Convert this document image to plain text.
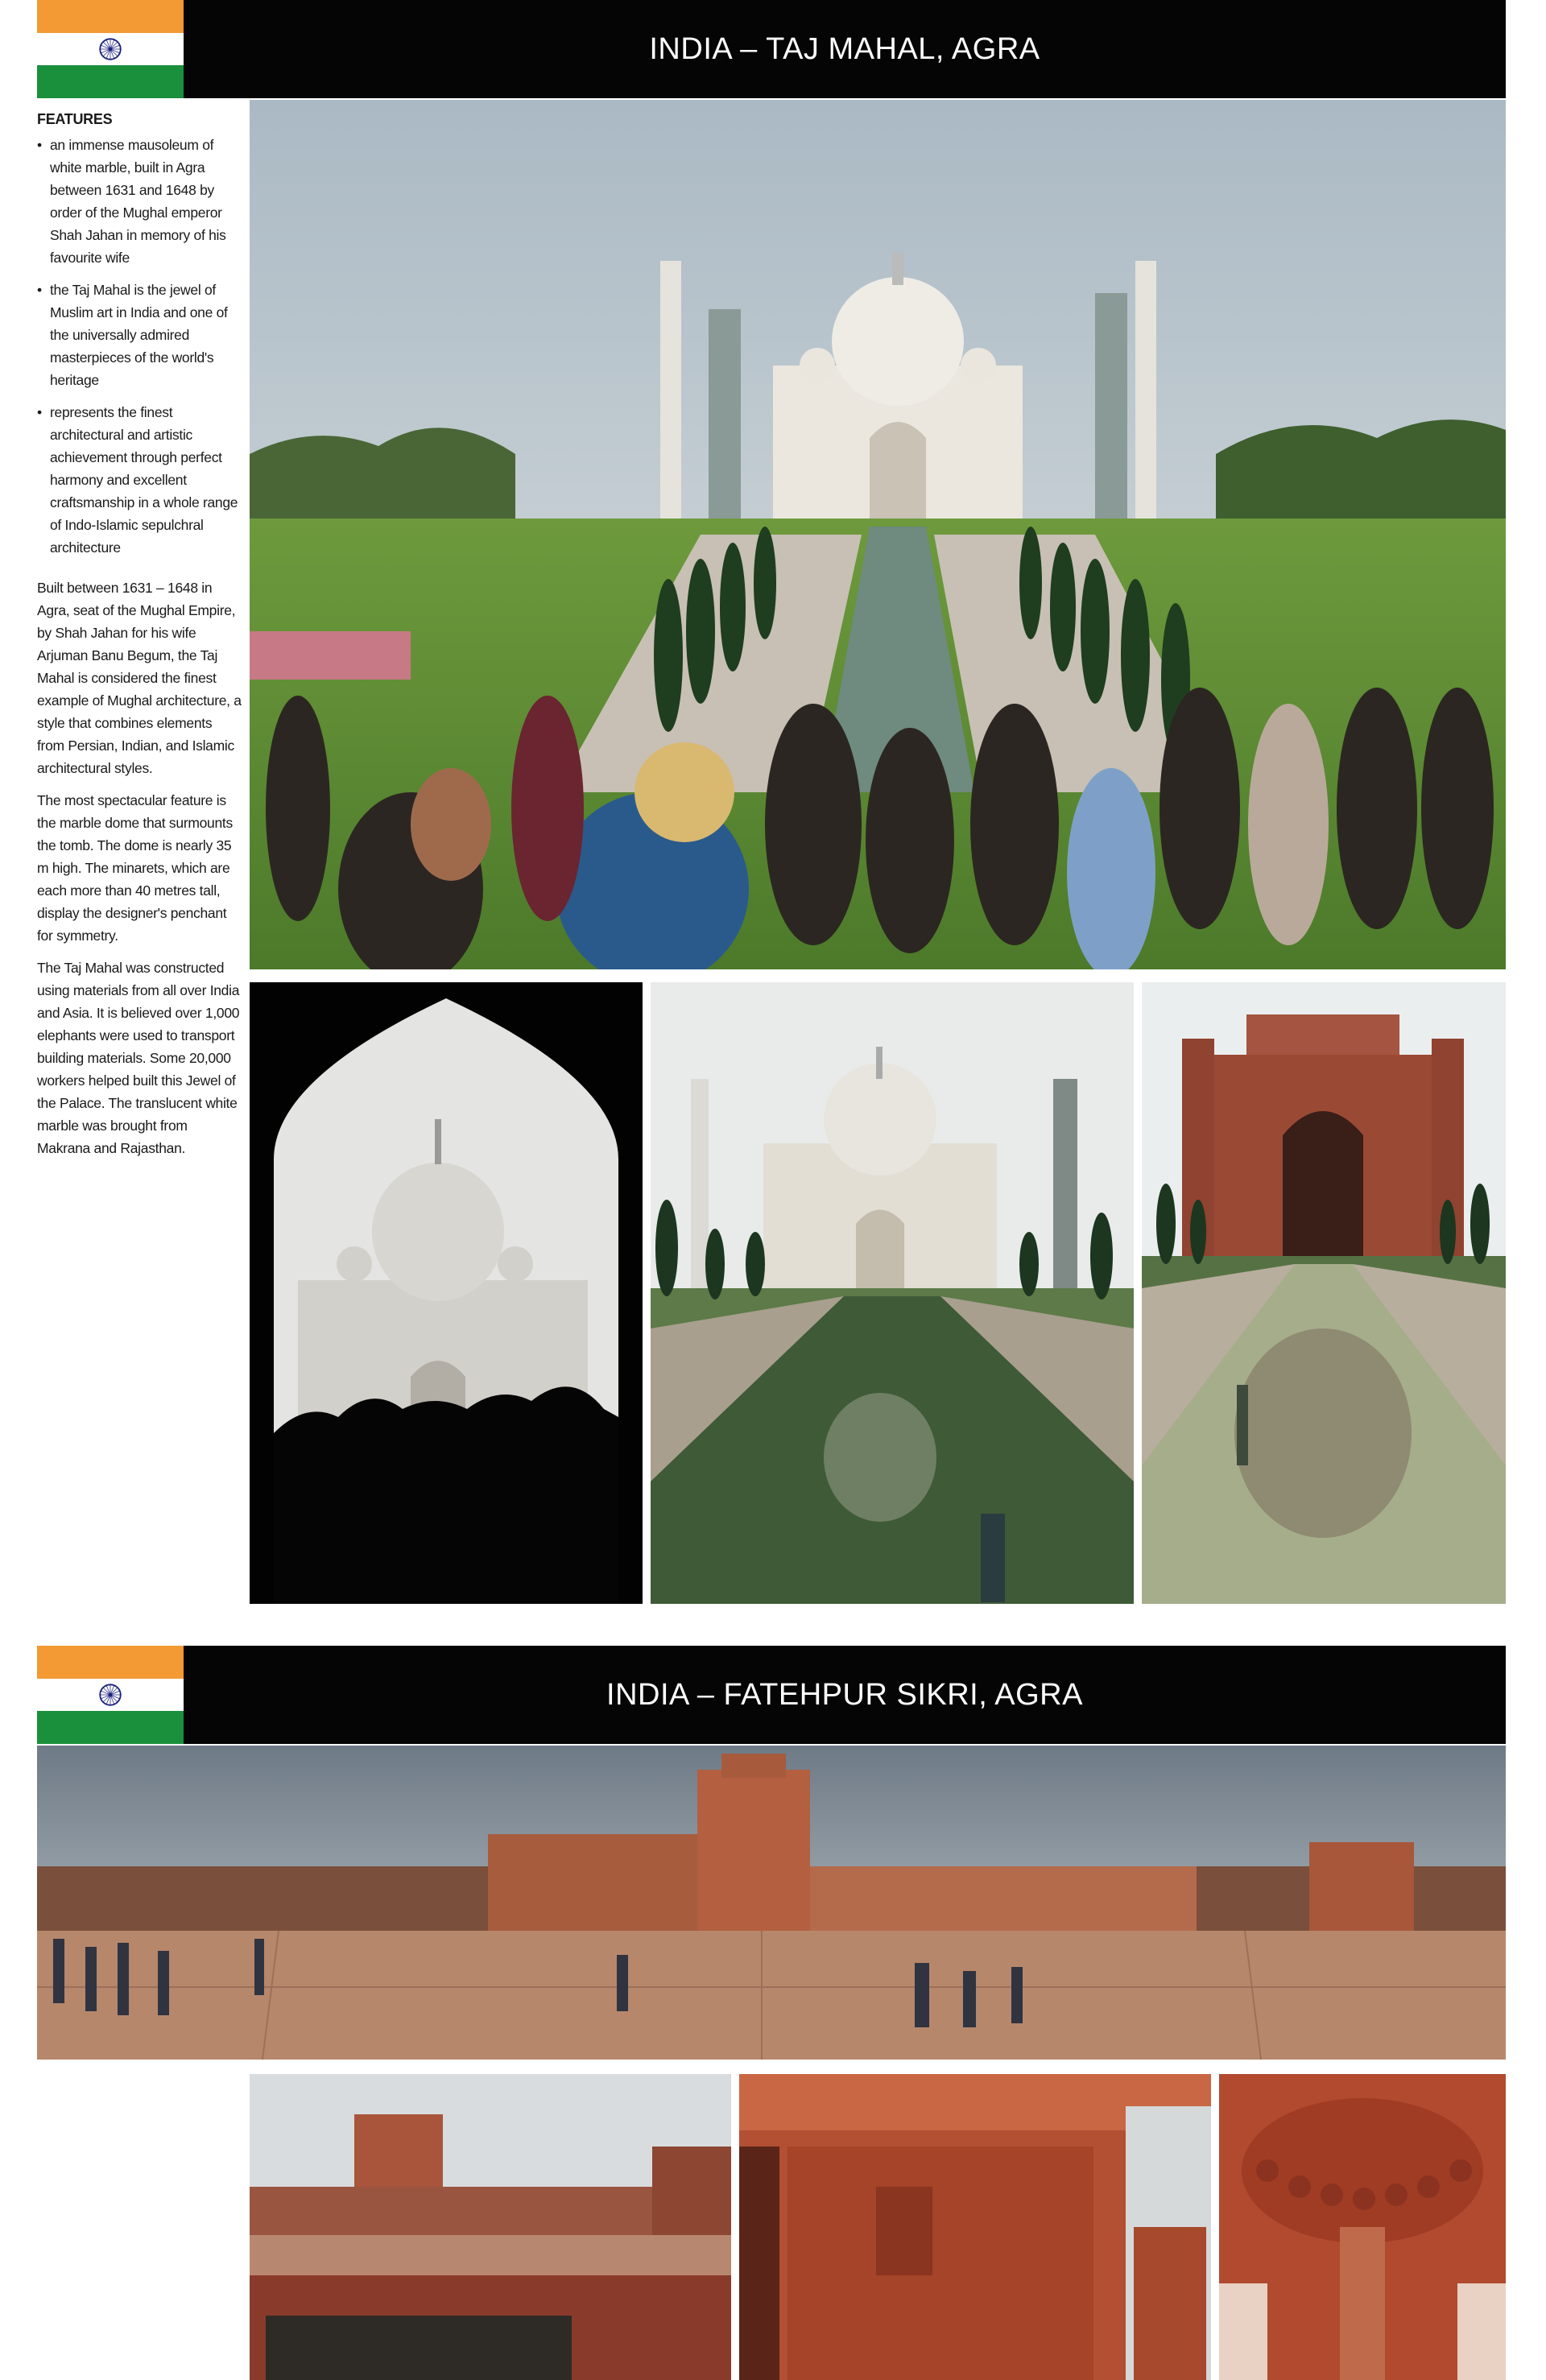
INDIA – TAJ MAHAL, AGRA
FEATURES
• an immense mausoleum of white marble, built in Agra between 1631 and 1648 by order of the Mughal emperor Shah Jahan in memory of his favourite wife
• the Taj Mahal is the jewel of Muslim art in India and one of the universally admired masterpieces of the world's heritage
• represents the finest architectural and artistic achievement through perfect harmony and excellent craftsmanship in a whole range of Indo-Islamic sepulchral architecture

Built between 1631 – 1648 in Agra, seat of the Mughal Empire, by Shah Jahan for his wife Arjuman Banu Begum, the Taj Mahal is considered the finest example of Mughal architecture, a style that combines elements from Persian, Indian, and Islamic architectural styles.

The most spectacular feature is the marble dome that surmounts the tomb. The dome is nearly 35 m high. The minarets, which are each more than 40 metres tall, display the designer's penchant for symmetry.

The Taj Mahal was constructed using materials from all over India and Asia. It is believed over 1,000 elephants were used to transport building materials. Some 20,000 workers helped built this Jewel of the Palace. The translucent white marble was brought from Makrana and Rajasthan.

INDIA – FATEHPUR SIKRI, AGRA
